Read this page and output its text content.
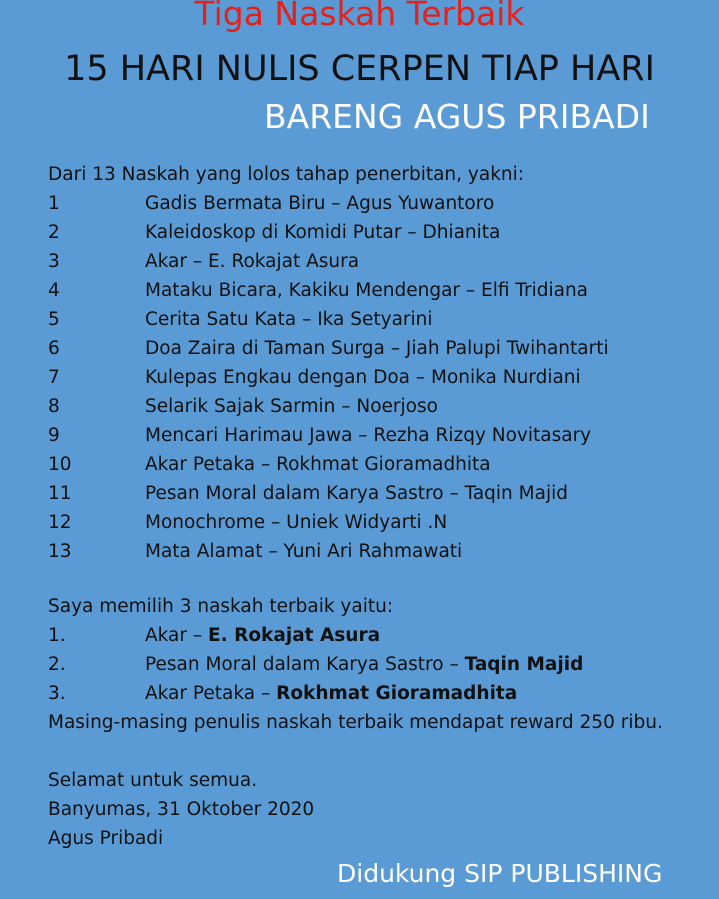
Tiga Naskah Terbaik
15 HARI NULIS CERPEN TIAP HARI
BARENG AGUS PRIBADI
Dari 13 Naskah yang lolos tahap penerbitan, yakni:
1	Gadis Bermata Biru – Agus Yuwantoro
2	Kaleidoskop di Komidi Putar – Dhianita
3	Akar – E. Rokajat Asura
4	Mataku Bicara, Kakiku Mendengar – Elfi Tridiana
5	Cerita Satu Kata – Ika Setyarini
6	Doa Zaira di Taman Surga – Jiah Palupi Twihantarti
7	Kulepas Engkau dengan Doa – Monika Nurdiani
8	Selarik Sajak Sarmin – Noerjoso
9	Mencari Harimau Jawa – Rezha Rizqy Novitasary
10	Akar Petaka – Rokhmat Gioramadhita
11	Pesan Moral dalam Karya Sastro – Taqin Majid
12	Monochrome – Uniek Widyarti .N
13	Mata Alamat – Yuni Ari Rahmawati
Saya memilih 3 naskah terbaik yaitu:
1.	Akar – E. Rokajat Asura
2.	Pesan Moral dalam Karya Sastro – Taqin Majid
3.	Akar Petaka – Rokhmat Gioramadhita
Masing-masing penulis naskah terbaik mendapat reward 250 ribu.
Selamat untuk semua.
Banyumas, 31 Oktober 2020
Agus Pribadi
Didukung SIP PUBLISHING
